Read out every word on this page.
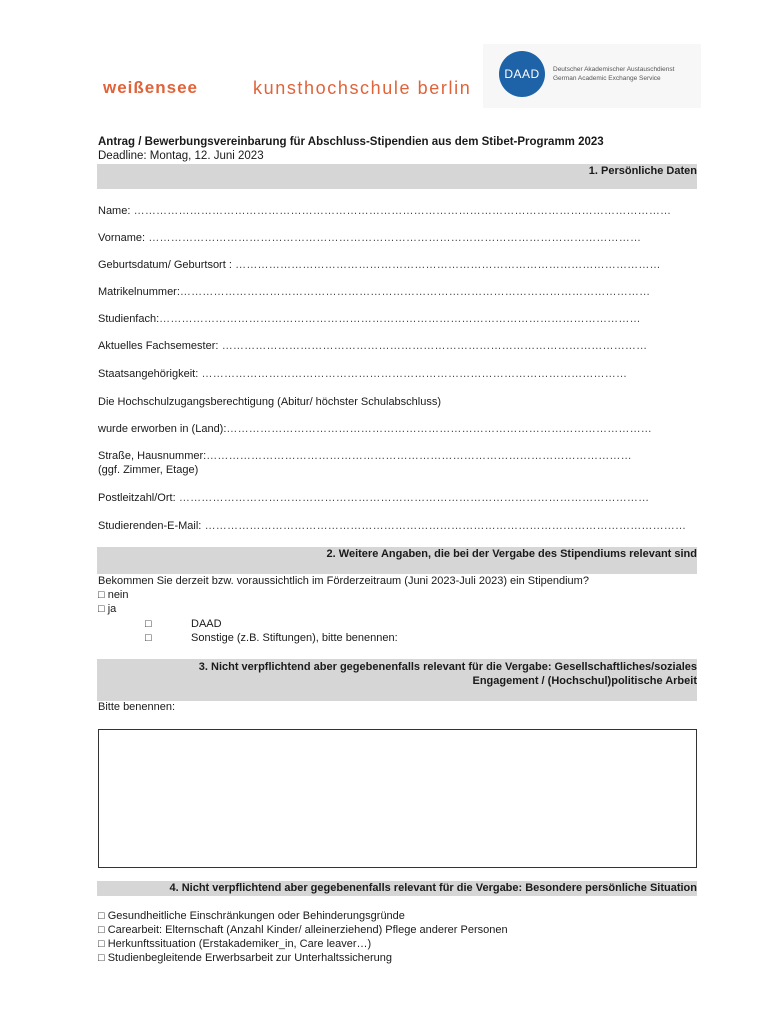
weißensee	kunsthochschule berlin
DAAD	Deutscher Akademischer Austauschdienst
German Academic Exchange Service
Antrag / Bewerbungsvereinbarung für Abschluss-Stipendien aus dem Stibet-Programm 2023
Deadline: Montag, 12. Juni 2023
1. Persönliche Daten
Name: ………………………………………………………………………………………………………………………………
Vorname: ……………………………………………………………………………………………………………………
Geburtsdatum/ Geburtsort : ……………………………………………………………………………………………………
Matrikelnummer:………………………………………………………………………………………………………………
Studienfach:…………………………………………………………………………………………………………………
Aktuelles Fachsemester: ……………………………………………………………………………………………………
Staatsangehörigkeit: ……………………………………………………………………………………………………
Die Hochschulzugangsberechtigung (Abitur/ höchster Schulabschluss)
wurde erworben in (Land):……………………………………………………………………………………………………
Straße, Hausnummer:……………………………………………………………………………………………………
(ggf. Zimmer, Etage)
Postleitzahl/Ort: ………………………………………………………………………………………………………………
Studierenden-E-Mail: …………………………………………………………………………………………………………………
2. Weitere Angaben, die bei der Vergabe des Stipendiums relevant sind
Bekommen Sie derzeit bzw. voraussichtlich im Förderzeitraum (Juni 2023-Juli 2023) ein Stipendium?
□ nein
□ ja
□	DAAD
□	Sonstige (z.B. Stiftungen), bitte benennen:
3. Nicht verpflichtend aber gegebenenfalls relevant für die Vergabe: Gesellschaftliches/soziales
Engagement / (Hochschul)politische Arbeit
Bitte benennen:
4. Nicht verpflichtend aber gegebenenfalls relevant für die Vergabe: Besondere persönliche Situation
□ Gesundheitliche Einschränkungen oder Behinderungsgründe
□ Carearbeit: Elternschaft (Anzahl Kinder/ alleinerziehend) Pflege anderer Personen
□ Herkunftssituation (Erstakademiker_in, Care leaver…)
□ Studienbegleitende Erwerbsarbeit zur Unterhaltssicherung
